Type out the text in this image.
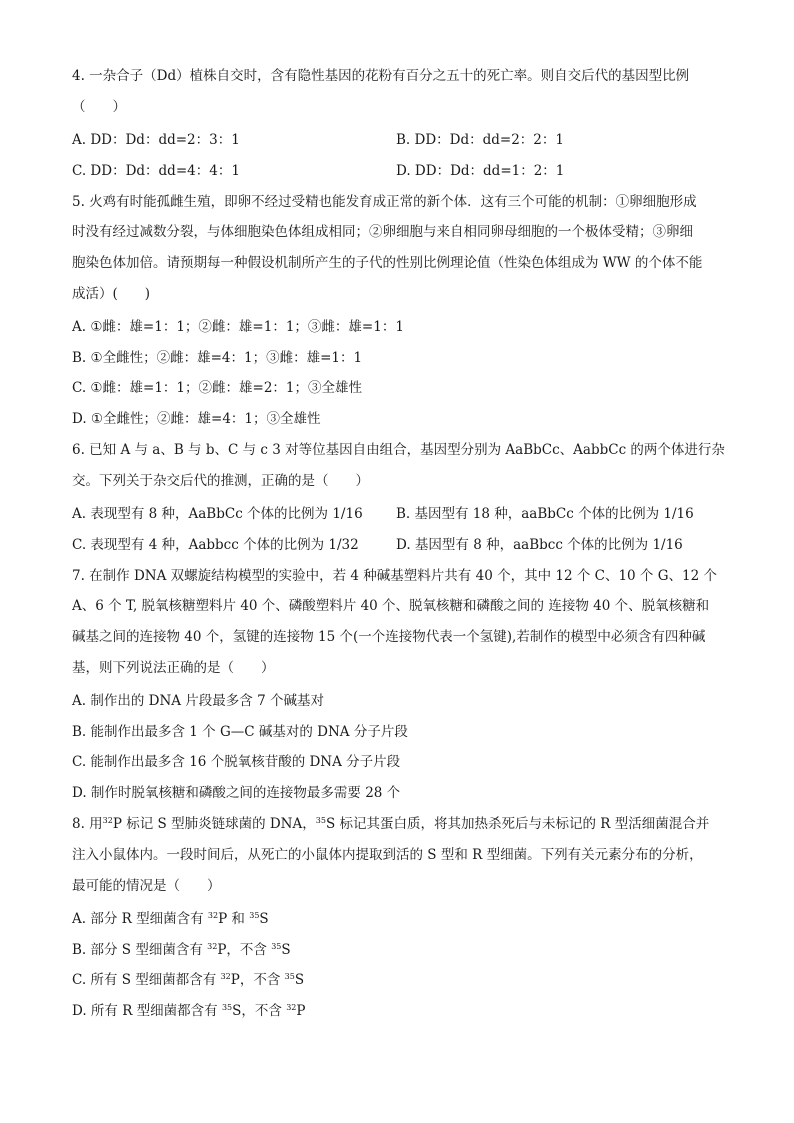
4. 一杂合子（Dd）植株自交时，含有隐性基因的花粉有百分之五十的死亡率。则自交后代的基因型比例
（　　）
A. DD：Dd：dd=2：3：1	B. DD：Dd：dd=2：2：1
C. DD：Dd：dd=4：4：1	D. DD：Dd：dd=1：2：1
5. 火鸡有时能孤雌生殖，即卵不经过受精也能发育成正常的新个体．这有三个可能的机制：①卵细胞形成
时没有经过减数分裂，与体细胞染色体组成相同；②卵细胞与来自相同卵母细胞的一个极体受精；③卵细
胞染色体加倍。请预期每一种假设机制所产生的子代的性别比例理论值（性染色体组成为 WW 的个体不能
成活）(　　)
A. ①雌：雄=1：1；②雌：雄=1：1；③雌：雄=1：1
B. ①全雌性；②雌：雄=4：1；③雌：雄=1：1
C. ①雌：雄=1：1；②雌：雄=2：1；③全雄性
D. ①全雌性；②雌：雄=4：1；③全雄性
6. 已知 A 与 a、B 与 b、C 与 c 3 对等位基因自由组合，基因型分别为 AaBbCc、AabbCc 的两个体进行杂
交。下列关于杂交后代的推测，正确的是（　　）
A. 表现型有 8 种，AaBbCc 个体的比例为 1/16 B. 基因型有 18 种，aaBbCc 个体的比例为 1/16
C. 表现型有 4 种，Aabbcc 个体的比例为 1/32	D. 基因型有 8 种，aaBbcc 个体的比例为 1/16
7. 在制作 DNA 双螺旋结构模型的实验中，若 4 种碱基塑料片共有 40 个，其中 12 个 C、10 个 G、12 个
A、6 个 T, 脱氧核糖塑料片 40 个、磷酸塑料片 40 个、脱氧核糖和磷酸之间的 连接物 40 个、脱氧核糖和
碱基之间的连接物 40 个，氢键的连接物 15 个(一个连接物代表一个氢键),若制作的模型中必须含有四种碱
基，则下列说法正确的是（　　）
A. 制作出的 DNA 片段最多含 7 个碱基对
B. 能制作出最多含 1 个 G—C 碱基对的 DNA 分子片段
C. 能制作出最多含 16 个脱氧核苷酸的 DNA 分子片段
D. 制作时脱氧核糖和磷酸之间的连接物最多需要 28 个
8. 用$^{32}$P 标记 S 型肺炎链球菌的 DNA，$^{35}$S 标记其蛋白质，将其加热杀死后与未标记的 R 型活细菌混合并
注入小鼠体内。一段时间后，从死亡的小鼠体内提取到活的 S 型和 R 型细菌。下列有关元素分布的分析，
最可能的情况是（　　）
A. 部分 R 型细菌含有 $^{32}$P 和 $^{35}$S
B. 部分 S 型细菌含有 $^{32}$P，不含 $^{35}$S
C. 所有 S 型细菌都含有 $^{32}$P，不含 $^{35}$S
D. 所有 R 型细菌都含有 $^{35}$S，不含 $^{32}$P
